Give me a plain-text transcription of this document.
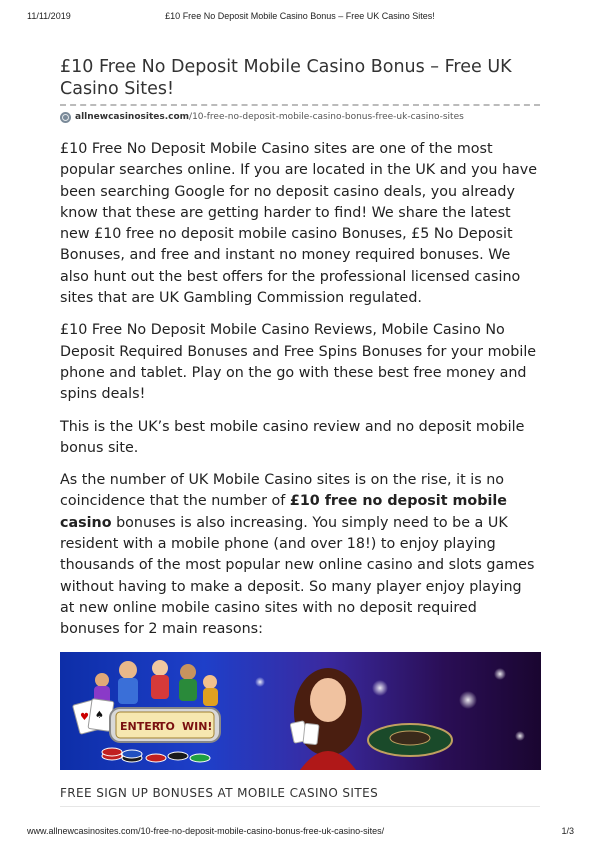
11/11/2019	£10 Free No Deposit Mobile Casino Bonus – Free UK Casino Sites!
£10 Free No Deposit Mobile Casino Bonus – Free UK Casino Sites!
allnewcasinosites.com /10-free-no-deposit-mobile-casino-bonus-free-uk-casino-sites

£10 Free No Deposit Mobile Casino sites are one of the most popular searches online. If you are located in the UK and you have been searching Google for no deposit casino deals, you already know that these are getting harder to find! We share the latest new £10 free no deposit mobile casino Bonuses, £5 No Deposit Bonuses, and free and instant no money required bonuses. We also hunt out the best offers for the professional licensed casino sites that are UK Gambling Commission regulated.

£10 Free No Deposit Mobile Casino Reviews, Mobile Casino No Deposit Required Bonuses and Free Spins Bonuses for your mobile phone and tablet. Play on the go with these best free money and spins deals!

This is the UK’s best mobile casino review and no deposit mobile bonus site.

As the number of UK Mobile Casino sites is on the rise, it is no coincidence that the number of £10 free no deposit mobile casino bonuses is also increasing. You simply need to be a UK resident with a mobile phone (and over 18!) to enjoy playing thousands of the most popular new online casino and slots games without having to make a deposit. So many player enjoy playing at new online mobile casino sites with no deposit required bonuses for 2 main reasons:

♥ ♠
ENTER
TO WIN!
FREE SIGN UP BONUSES AT MOBILE CASINO SITES
www.allnewcasinosites.com/10-free-no-deposit-mobile-casino-bonus-free-uk-casino-sites/	1/3
